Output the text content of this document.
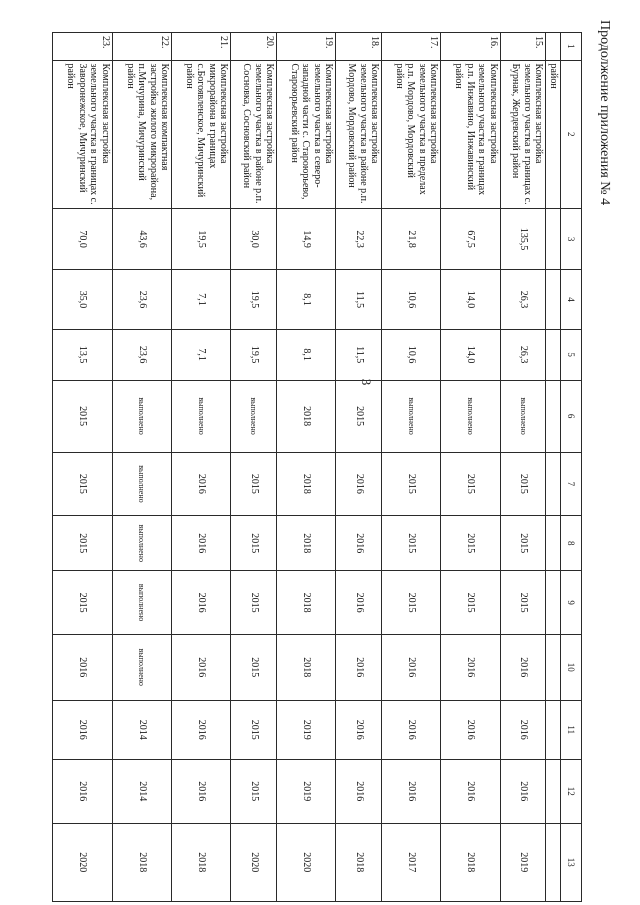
Продолжение приложения № 4
3
1	2	3	4	5	6	7	8	9	10	11	12	13
	район											
15.	Комплексная застройка земельного участка в границах с. Бурнак, Жердевский район	135,5	26,3	26,3	выполнено	2015	2015	2015	2016	2016	2016	2019
16.	Комплексная застройка земельного участка в границах р.п. Инжавино, Инжавинский район	67,5	14,0	14,0	выполнено	2015	2015	2015	2016	2016	2016	2018
17.	Комплексная застройка земельного участка в пределах р.п. Мордово, Мордовский район	21,8	10,6	10,6	выполнено	2015	2015	2015	2016	2016	2016	2017
18.	Комплексная застройка земельного участка в районе р.п. Мордово, Мордовский район	22,3	11,5	11,5	2015	2016	2016	2016	2016	2016	2016	2018
19.	Комплексная застройка земельного участка в северо-западной части с. Староюрьево, Староюрьевский район	14,9	8,1	8,1	2018	2018	2018	2018	2018	2019	2019	2020
20.	Комплексная застройка земельного участка в районе р.п. Сосновка, Сосновский район	30,0	19,5	19,5	выполнено	2015	2015	2015	2015	2015	2015	2020
21.	Комплексная застройка микрорайона в границах с.Богоявленское, Мичуринский район	19,5	7,1	7,1	выполнено	2016	2016	2016	2016	2016	2016	2018
22.	Комплексная компактная застройка жилого микрорайона, п.Мичурина, Мичуринский район	43,6	23,6	23,6	выполнено	выполнено	выполнено	выполнено	выполнено	2014	2014	2018
23.	Комплексная застройка земельного участка в границах с. Заворонежское, Мичуринский район	70,0	35,0	13,5	2015	2015	2015	2015	2016	2016	2016	2020
